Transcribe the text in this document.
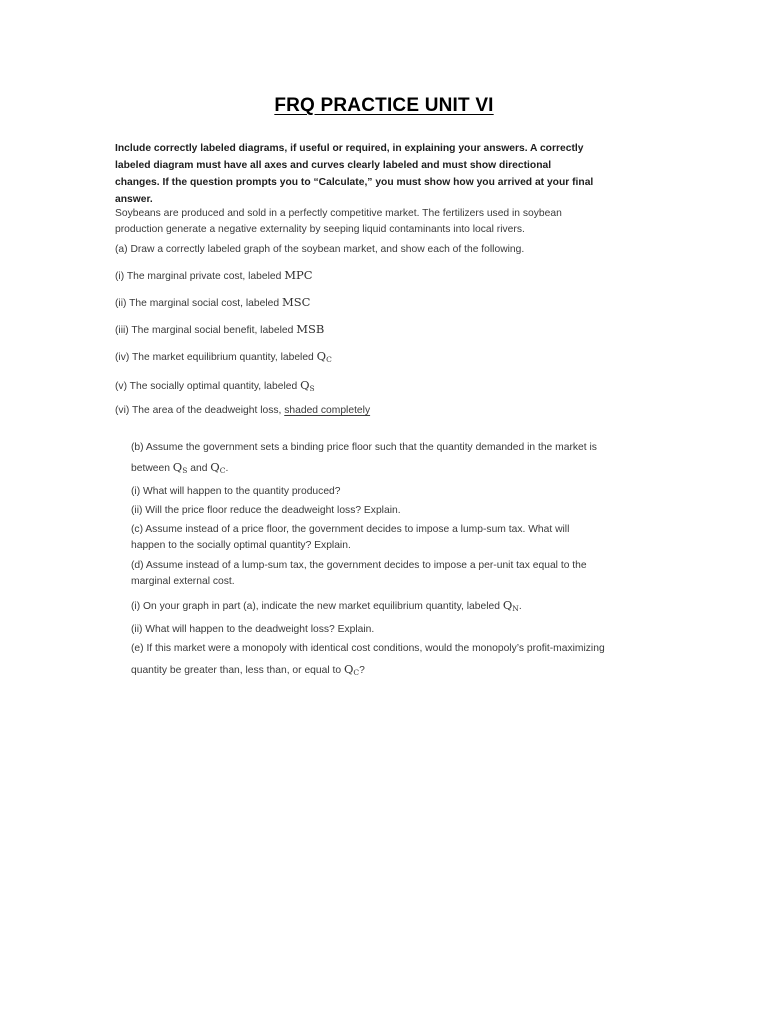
FRQ PRACTICE UNIT VI
Include correctly labeled diagrams, if useful or required, in explaining your answers. A correctly labeled diagram must have all axes and curves clearly labeled and must show directional changes. If the question prompts you to “Calculate,” you must show how you arrived at your final answer.
Soybeans are produced and sold in a perfectly competitive market. The fertilizers used in soybean production generate a negative externality by seeping liquid contaminants into local rivers.
(a) Draw a correctly labeled graph of the soybean market, and show each of the following.
(i) The marginal private cost, labeled MPC
(ii) The marginal social cost, labeled MSC
(iii) The marginal social benefit, labeled MSB
(iv) The market equilibrium quantity, labeled $Q_C$
(v) The socially optimal quantity, labeled $Q_S$
(vi) The area of the deadweight loss, shaded completely
(b) Assume the government sets a binding price floor such that the quantity demanded in the market is
between $Q_S$ and $Q_C$.
(i) What will happen to the quantity produced?
(ii) Will the price floor reduce the deadweight loss? Explain.
(c) Assume instead of a price floor, the government decides to impose a lump-sum tax. What will happen to the socially optimal quantity? Explain.
(d) Assume instead of a lump-sum tax, the government decides to impose a per-unit tax equal to the marginal external cost.
(i) On your graph in part (a), indicate the new market equilibrium quantity, labeled $Q_N$.
(ii) What will happen to the deadweight loss? Explain.
(e) If this market were a monopoly with identical cost conditions, would the monopoly’s profit-maximizing
quantity be greater than, less than, or equal to $Q_C$?
